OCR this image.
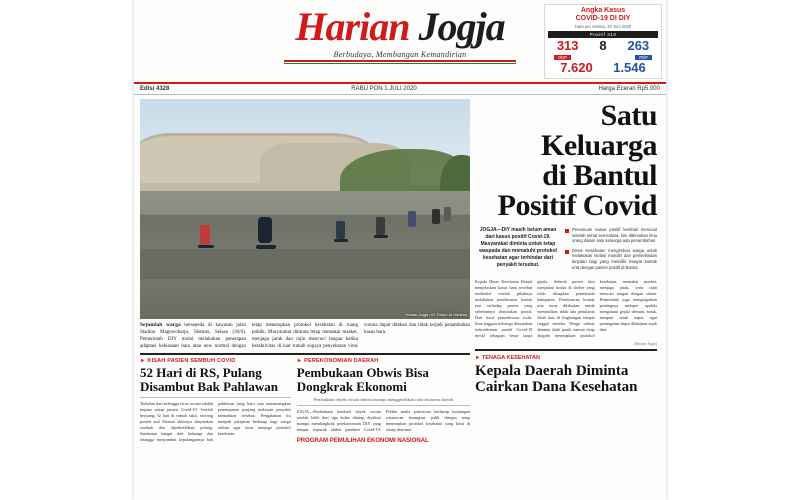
Harian Jogja
Berbudaya, Membangun Kemandirian
Angka Kasus
COVID-19 DI DIY
Data per Selasa, 30 Juni 2020
Positif 313
313	8	263
ODP	PDP
7.620	1.546
Edisi 4328	RABU PON 1 JULI 2020	Harga Eceran Rp5.000
Harian Jogja / M. Faizin Al Hanifah
Sejumlah warga bersepeda di kawasan jalan Stadion Maguwoharjo, Sleman, Selasa (30/6). Pemerintah DIY mulai melakukan penerapan adaptasi kebiasaan baru atau new normal dengan tetap menerapkan protokol kesehatan di ruang publik. Masyarakat diminta tetap memakai masker, menjaga jarak dan rajin mencuci tangan ketika beraktivitas di luar rumah supaya penyebaran virus corona dapat ditekan dan tidak terjadi penambahan kasus baru.
► KISAH PASIEN SEMBUH COVID
52 Hari di RS, Pulang Disambut Bak Pahlawan

Terbebas dari belenggu virus corona adalah impian setiap pasien Covid-19. Setelah berjuang 52 hari di rumah sakit, seorang pasien asal Sleman akhirnya dinyatakan sembuh dan diperbolehkan pulang. Sambutan hangat dari keluarga dan tetangga menyambut kepulangannya bak pahlawan yang baru saja memenangkan pertempuran panjang melawan penyakit mematikan tersebut. Pengalaman itu menjadi pelajaran berharga bagi warga sekitar agar terus menjaga protokol kesehatan.

► PEREKONOMIAN DAERAH
Pembukaan Obwis Bisa Dongkrak Ekonomi
Pembukaan obyek wisata dinilai mampu menggerakkan roda ekonomi daerah

JOGJA—Pembukaan kembali obyek wisata setelah lebih dari tiga bulan ditutup diyakini mampu mendongkrak perekonomian DIY yang sempat terpuruk akibat pandemi Covid-19. Pelaku usaha pariwisata berharap kunjungan wisatawan berangsur pulih dengan tetap menerapkan protokol kesehatan yang ketat di setiap destinasi.

PROGRAM PEMULIHAN EKONOMI NASIONAL
Satu
Keluarga
di Bantul
Positif Covid
JOGJA—DIY masih belum aman dari kasus positif Covid-19. Masyarakat diminta untuk tetap waspada dan mematuhi protokol kesehatan agar terhindar dari penyakit tersebut.
Penemuan kasus positif kembali mencuat setelah sehat sementara, kini ditemukan lima orang dalam satu keluarga ada penambahan.
Dinas Kesehatan mengimbau warga untuk melakukan isolasi mandiri dan pemeriksaan lanjutan bagi yang memiliki riwayat kontak erat dengan pasien positif di Bantul.

Kepala Dinas Kesehatan Bantul menjelaskan kasus baru tersebut terdeteksi setelah pihaknya melakukan penelusuran kontak erat terhadap pasien yang sebelumnya dinyatakan positif. Dari hasil pemeriksaan swab, lima anggota keluarga dinyatakan terkonfirmasi positif Covid-19 meski sebagian besar tanpa gejala. Seluruh pasien kini menjalani isolasi di shelter yang telah disiapkan pemerintah kabupaten. Penelusuran kontak erat terus dilakukan untuk memastikan tidak ada penularan lebih luas di lingkungan tempat tinggal mereka. Warga sekitar diminta tidak panik namun tetap disiplin menerapkan protokol kesehatan, memakai masker, menjaga jarak, serta rajin mencuci tangan dengan sabun. Pemerintah juga mengingatkan pentingnya melapor apabila mengalami gejala demam, batuk, maupun sesak napas agar penanganan dapat dilakukan sejak dini.

(Harian Jogja)
► TENAGA KESEHATAN
Kepala Daerah Diminta Cairkan Dana Kesehatan
